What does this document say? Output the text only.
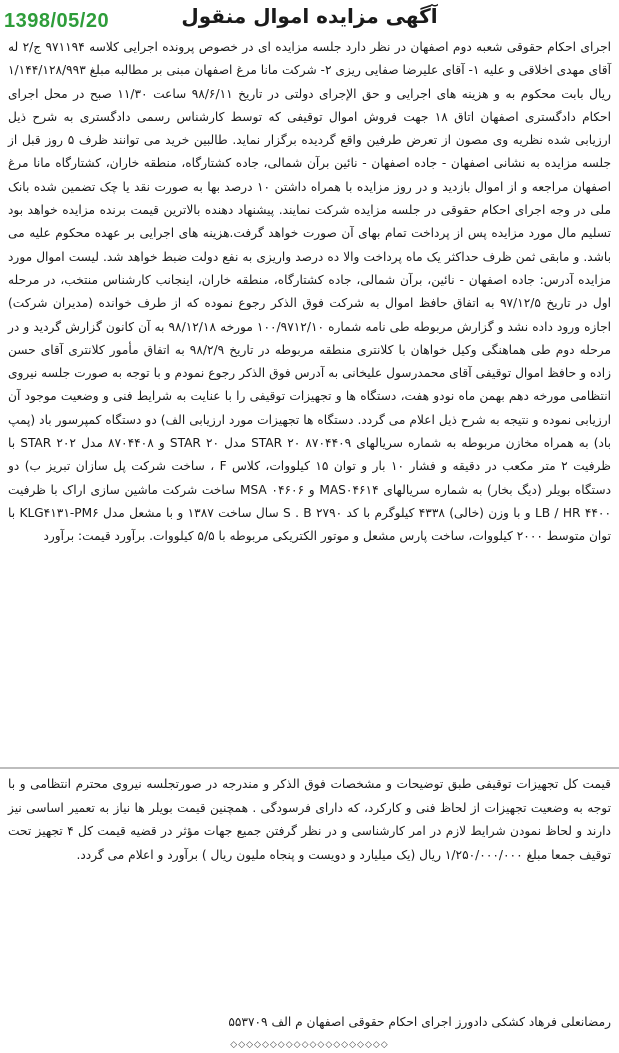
آگهی مزایده اموال منقول
1398/05/20
اجرای احکام حقوقی شعبه دوم اصفهان در نظر دارد جلسه مزایده ای در خصوص پرونده اجرایی کلاسه ۹۷۱۱۹۴ ج/۲ له آقای مهدی اخلاقی و علیه ۱- آقای علیرضا صفایی ریزی ۲- شرکت مانا مرغ اصفهان مبنی بر مطالبه مبلغ ۱/۱۴۴/۱۲۸/۹۹۳ ریال بابت محکوم به و هزینه های اجرایی و حق الإجرای دولتی در تاریخ ۹۸/۶/۱۱ ساعت ۱۱/۳۰ صبح در محل اجرای احکام دادگستری اصفهان اتاق ۱۸ جهت فروش اموال توقیفی که توسط کارشناس رسمی دادگستری به شرح ذیل ارزیابی شده نظریه وی مصون از تعرض طرفین واقع گردیده برگزار نماید. طالبین خرید می توانند ظرف ۵ روز قبل از جلسه مزایده به نشانی اصفهان - جاده اصفهان - نائین برآن شمالی، جاده کشتارگاه، منطقه خاران، کشتارگاه مانا مرغ اصفهان مراجعه و از اموال بازدید و در روز مزایده با همراه داشتن ۱۰ درصد بها به صورت نقد یا چک تضمین شده بانک ملی در وجه اجرای احکام حقوقی در جلسه مزایده شرکت نمایند. پیشنهاد دهنده بالاترین قیمت برنده مزایده خواهد بود تسلیم مال مورد مزایده پس از پرداخت تمام بهای آن صورت خواهد گرفت.هزینه های اجرایی بر عهده محکوم علیه می باشد. و مابقی ثمن ظرف حداکثر یک ماه پرداخت والا ده درصد واریزی به نفع دولت ضبط خواهد شد. لیست اموال مورد مزایده آدرس: جاده اصفهان - نائین، برآن شمالی، جاده کشتارگاه، منطقه خاران، اینجانب کارشناس منتخب، در مرحله اول در تاریخ ۹۷/۱۲/۵ به اتفاق حافظ اموال به شرکت فوق الذکر رجوع نموده که از طرف خوانده (مدیران شرکت) اجازه ورود داده نشد و گزارش مربوطه طی نامه شماره ۱۰۰/۹۷۱۲/۱۰ مورخه ۹۸/۱۲/۱۸ به آن کانون گزارش گردید و در مرحله دوم طی هماهنگی وکیل خواهان با کلانتری منطقه مربوطه در تاریخ ۹۸/۲/۹ به اتفاق مأمور کلانتری آقای حسن زاده و حافظ اموال توقیفی آقای محمدرسول علیخانی به آدرس فوق الذکر رجوع نمودم و با توجه به صورت جلسه نیروی انتظامی مورخه دهم بهمن ماه نودو هفت، دستگاه ها و تجهیزات توقیفی را با عنایت به شرایط فنی و وضعیت موجود آن ارزیابی نموده و نتیجه به شرح ذیل اعلام می گردد. دستگاه ها تجهیزات مورد ارزیابی الف) دو دستگاه کمپرسور باد (پمپ باد) به همراه مخازن مربوطه به شماره سریالهای ۸۷۰۴۴۰۹ STAR ۲۰ مدل ۲۰ STAR و ۸۷۰۴۴۰۸ مدل ۲۰۲ STAR با ظرفیت ۲ متر مکعب در دقیقه و فشار ۱۰ بار و توان ۱۵ کیلووات، کلاس F ، ساخت شرکت پل سازان تبریز ب) دو دستگاه بویلر (دیگ بخار) به شماره سریالهای MAS۰۴۶۱۴ و MSA ۰۴۶۰۶ ساخت شرکت ماشین سازی اراک با ظرفیت LB / HR ۴۴۰۰ و با وزن (خالی) ۴۳۳۸ کیلوگرم با کد S . B ۲۷۹۰ سال ساخت ۱۳۸۷ و با مشعل مدل KLG۴۱۳۱-PM۶ با توان متوسط ۲۰۰۰ کیلووات، ساخت پارس مشعل و موتور الکتریکی مربوطه با ۵/۵ کیلووات. برآورد قیمت: برآورد
قیمت کل تجهیزات توقیفی طبق توضیحات و مشخصات فوق الذکر و مندرجه در صورتجلسه نیروی محترم انتظامی و با توجه به وضعیت تجهیزات از لحاظ فنی و کارکرد، که دارای فرسودگی . همچنین قیمت بویلر ها نیاز به تعمیر اساسی نیز دارند و لحاظ نمودن شرایط لازم در امر کارشناسی و در نظر گرفتن جمیع جهات مؤثر در قضیه قیمت کل ۴ تجهیز تحت توقیف جمعا مبلغ ۱/۲۵۰/۰۰۰/۰۰۰ ریال (یک میلیارد و دویست و پنجاه ملیون ریال ) برآورد و اعلام می گردد.
رمضانعلی فرهاد کشکی دادورز اجرای احکام حقوقی اصفهان م الف ۵۵۳۷۰۹
◇◇◇◇◇◇◇◇◇◇◇◇◇◇◇◇◇◇◇◇
